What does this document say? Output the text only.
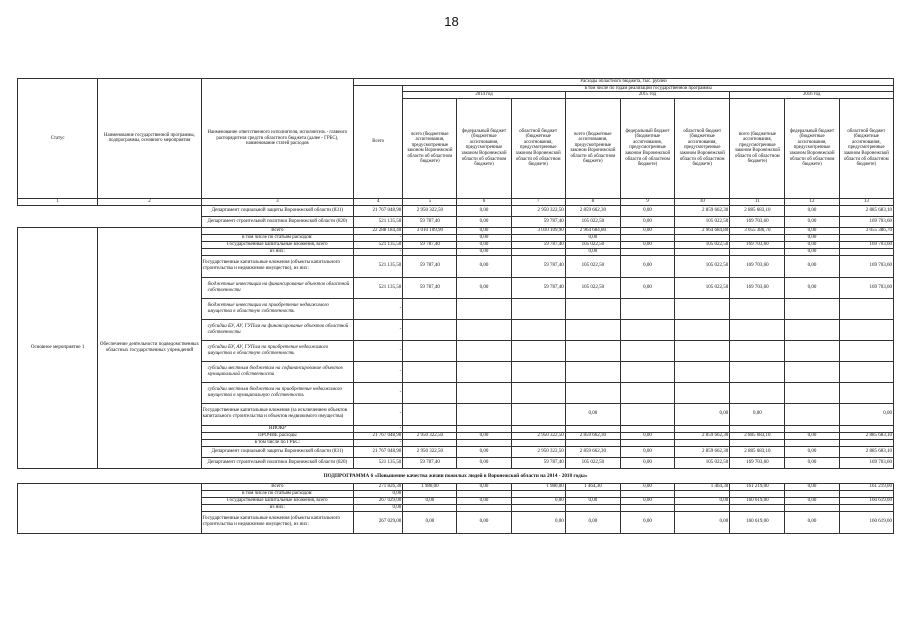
18
Статус	Наименование государственной программы, подпрограммы, основного мероприятия	Наименование ответственного исполнителя, исполнитель - главного распорядителя средств областного бюджета (далее - ГРБС), наименование статей расходов	Расходы областного бюджета, тыс. рублей									
			Всего	в том числе по годам реализации государственной программы								
				2014 год			2015 год			2016 год		
				всего (бюджетные ассигнования, предусмотренные законом Воронежской области об областном бюджете)	федеральный бюджет (бюджетные ассигнования, предусмотренные законом Воронежской области об областном бюджете)	областной бюджет (бюджетные ассигнования, предусмотренные законом Воронежской области об областном бюджете)	всего (бюджетные ассигнования, предусмотренные законом Воронежской области об областном бюджете)	федеральный бюджет (бюджетные ассигнования, предусмотренные законом Воронежской области об областном бюджете)	областной бюджет (бюджетные ассигнования, предусмотренные законом Воронежской области об областном бюджете)	всего (бюджетные ассигнования, предусмотренные законом Воронежской области об областном бюджете)	федеральный бюджет (бюджетные ассигнования, предусмотренные законом Воронежской области об областном бюджете)	областной бюджет (бюджетные ассигнования, предусмотренные законом Воронежской области об областном бюджете)
1	2	3	4	5	6	7	8	9	10	11	12	13
		Департамент социальной защиты Воронежской области (831)	21 767 048,90	2 950 322,50	0,00	2 950 322,50	2 859 662,30	0,00	2 859 662,30	2 885 683,10	0,00	2 885 683,10
		Департамент строительной политики Воронежской области (820)	521 135,50	59 787,40	0,00	59 787,40	105 022,50	0,00	105 022,50	169 703,60	0,00	169 703,60
Основное мероприятие 1	Обеспечение деятельности подведомственных областных государственных учреждений	Всего	22 288 184,40	3 010 109,90	0,00	3 010 109,90	2 964 684,80	0,00	2 964 684,80	3 055 386,70	0,00	3 055 386,70
		в том числе по статьям расходов:	-		0,00		0,00				0,00	
		Государственные капитальные вложения, всего	521 135,50	59 787,40	0,00	59 787,40	105 022,50	0,00	105 022,50	169 703,60	0,00	169 703,60
		из них:	-		0,00		0,00				0,00	
		Государственные капитальные вложения (объекты капитального строительства и недвижимое имущество), из них:	521 135,50	59 787,40	0,00	59 787,40	105 022,50	0,00	105 022,50	169 703,60	0,00	169 703,60
		бюджетные инвестиции на финансирование объектов областной собственности	521 135,50	59 787,40	0,00	59 787,40	105 022,50	0,00	105 022,50	169 703,60	0,00	169 703,60
		бюджетные инвестиции на приобретение недвижимого имущества в областную собственность	-									
		субсидии БУ, АУ, ГУПам на финансирование объектов областной собственности	-									
		субсидии БУ, АУ, ГУПам на приобретение недвижимого имущества в областную собственность	-									
		субсидии местным бюджетам на софинансирование объектов муниципальной собственности	-									
		субсидии местным бюджетам на приобретение недвижимого имущества в муниципальную собственность	-									
		Государственные капитальные вложения (за исключением объектов капитального строительства и объектов недвижимого имущества)	-				0,00		0,00	0,00		0,00
		НИОКР	-									
		ПРОЧИЕ расходы	21 767 048,90	2 950 322,50	0,00	2 950 322,50	2 859 662,30	0,00	2 859 662,30	2 885 683,10	0,00	2 885 683,10
		в том числе по ГРБС:	-									
		Департамент социальной защиты Воронежской области (831)	21 767 048,90	2 950 322,50	0,00	2 950 322,50	2 859 662,30	0,00	2 859 662,30	2 885 683,10	0,00	2 885 683,10
		Департамент строительной политики Воронежской области (820)	521 135,50	59 787,40	0,00	59 787,40	105 022,50	0,00	105 022,50	169 703,60	0,00	169 703,60
ПОДПРОГРАММА 6 «Повышение качества жизни пожилых людей в Воронежской области на 2014 - 2018 годы»												
		Всего	271 826,30	1 980,00	0,00	1 980,00	1 464,30	0,00	1 464,30	161 219,00	0,00	161 219,00
		в том числе по статьям расходов:	0,00									
		Государственные капитальные вложения, всего	267 029,00	0,00	0,00	0,00	0,00	0,00	0,00	160 619,00	0,00	160 619,00
		из них:	0,00									
		Государственные капитальные вложения (объекты капитального строительства и недвижимое имущество), из них:	267 029,00	0,00	0,00	0,00	0,00	0,00	0,00	160 619,00	0,00	160 619,00
